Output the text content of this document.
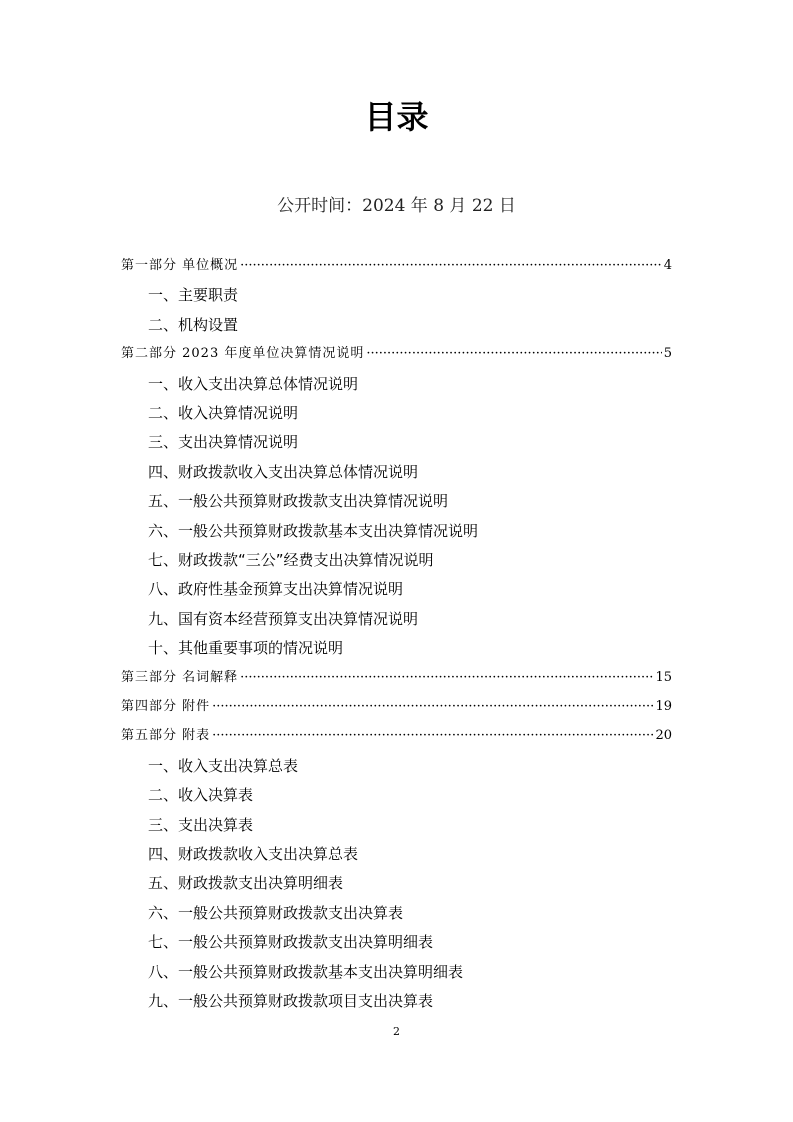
目录
公开时间：2024 年 8 月 22 日
第一部分 单位概况 ·····	4
一、主要职责
二、机构设置
第二部分 2023 年度单位决算情况说明 ·····	5
一、收入支出决算总体情况说明
二、收入决算情况说明
三、支出决算情况说明
四、财政拨款收入支出决算总体情况说明
五、一般公共预算财政拨款支出决算情况说明
六、一般公共预算财政拨款基本支出决算情况说明
七、财政拨款“三公”经费支出决算情况说明
八、政府性基金预算支出决算情况说明
九、国有资本经营预算支出决算情况说明
十、其他重要事项的情况说明
第三部分 名词解释 ·····	15
第四部分 附件 ·····	19
第五部分 附表 ·····	20
一、收入支出决算总表
二、收入决算表
三、支出决算表
四、财政拨款收入支出决算总表
五、财政拨款支出决算明细表
六、一般公共预算财政拨款支出决算表
七、一般公共预算财政拨款支出决算明细表
八、一般公共预算财政拨款基本支出决算明细表
九、一般公共预算财政拨款项目支出决算表
2
